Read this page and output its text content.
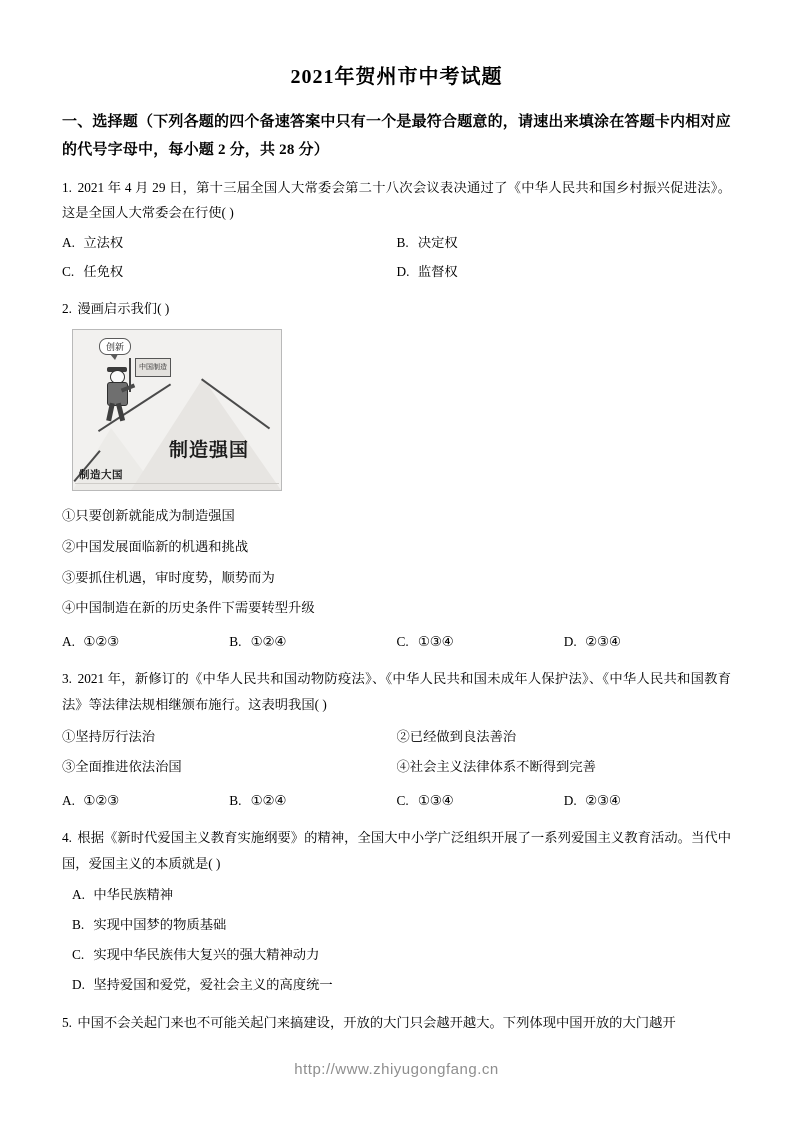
2021年贺州市中考试题
一、选择题（下列各题的四个备速答案中只有一个是最符合题意的，请速出来填涂在答题卡内相对应的代号字母中，每小题 2 分，共 28 分）
1. 2021 年 4 月 29 日，第十三届全国人大常委会第二十八次会议表决通过了《中华人民共和国乡村振兴促进法》。这是全国人大常委会在行使( )
A. 立法权	B. 决定权
C. 任免权	D. 监督权
2. 漫画启示我们( )
创新
中国制造
制造强国
制造大国
①只要创新就能成为制造强国
②中国发展面临新的机遇和挑战
③要抓住机遇，审时度势，顺势而为
④中国制造在新的历史条件下需要转型升级
A. ①②③	B. ①②④	C. ①③④	D. ②③④
3. 2021 年，新修订的《中华人民共和国动物防疫法》、《中华人民共和国未成年人保护法》、《中华人民共和国教育法》等法律法规相继颁布施行。这表明我国( )
①坚持厉行法治	②已经做到良法善治
③全面推进依法治国	④社会主义法律体系不断得到完善
A. ①②③	B. ①②④	C. ①③④	D. ②③④
4. 根据《新时代爱国主义教育实施纲要》的精神，全国大中小学广泛组织开展了一系列爱国主义教育活动。当代中国，爱国主义的本质就是( )
A. 中华民族精神
B. 实现中国梦的物质基础
C. 实现中华民族伟大复兴的强大精神动力
D. 坚持爱国和爱党，爱社会主义的高度统一
5. 中国不会关起门来也不可能关起门来搞建设，开放的大门只会越开越大。下列体现中国开放的大门越开
http://www.zhiyugongfang.cn
